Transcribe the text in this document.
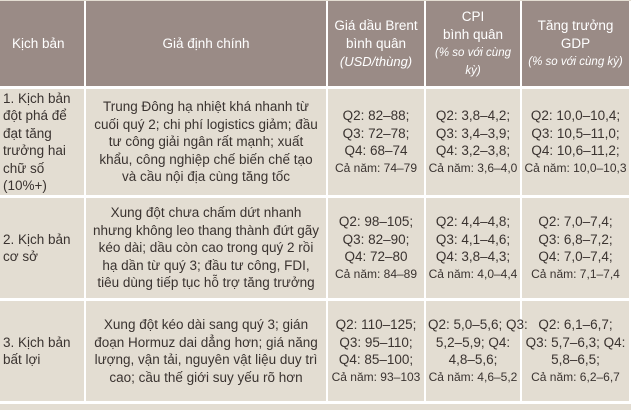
Kịch bản	Giả định chính	Giá dầu Brent
bình quân
(USD/thùng)	CPI
bình quân
(% so với cùng kỳ)	Tăng trưởng
GDP
(% so với cùng kỳ)

1. Kịch bản đột phá để đạt tăng trưởng hai chữ số (10%+)	Trung Đông hạ nhiệt khá nhanh từ cuối quý 2; chi phí logistics giảm; đầu tư công giải ngân rất mạnh; xuất khẩu, công nghiệp chế biến chế tạo và cầu nội địa cùng tăng tốc	Q2: 82–88;
Q3: 72–78;
Q4: 68–74
Cả năm: 74–79	Q2: 3,8–4,2;
Q3: 3,4–3,9;
Q4: 3,2–3,8;
Cả năm: 3,6–4,0	Q2: 10,0–10,4;
Q3: 10,5–11,0;
Q4: 10,6–11,2;
Cả năm: 10,0–10,3

2. Kịch bản cơ sở	Xung đột chưa chấm dứt nhanh nhưng không leo thang thành đứt gãy kéo dài; dầu còn cao trong quý 2 rồi hạ dần từ quý 3; đầu tư công, FDI, tiêu dùng tiếp tục hỗ trợ tăng trưởng	Q2: 98–105;
Q3: 82–90;
Q4: 72–80
Cả năm: 84–89	Q2: 4,4–4,8;
Q3: 4,1–4,6;
Q4: 3,8–4,3;
Cả năm: 4,0–4,4	Q2: 7,0–7,4;
Q3: 6,8–7,2;
Q4: 7,0–7,4;
Cả năm: 7,1–7,4

3. Kịch bản bất lợi	Xung đột kéo dài sang quý 3; gián đoạn Hormuz dai dẳng hơn; giá năng lượng, vận tải, nguyên vật liệu duy trì cao; cầu thế giới suy yếu rõ hơn	Q2: 110–125;
Q3: 95–110;
Q4: 85–100;
Cả năm: 93–103	Q2: 5,0–5,6; Q3:
5,2–5,9; Q4:
4,8–5,6;
Cả năm: 4,6–5,2	Q2: 6,1–6,7;
Q3: 5,7–6,3; Q4:
5,8–6,5;
Cả năm: 6,2–6,7
